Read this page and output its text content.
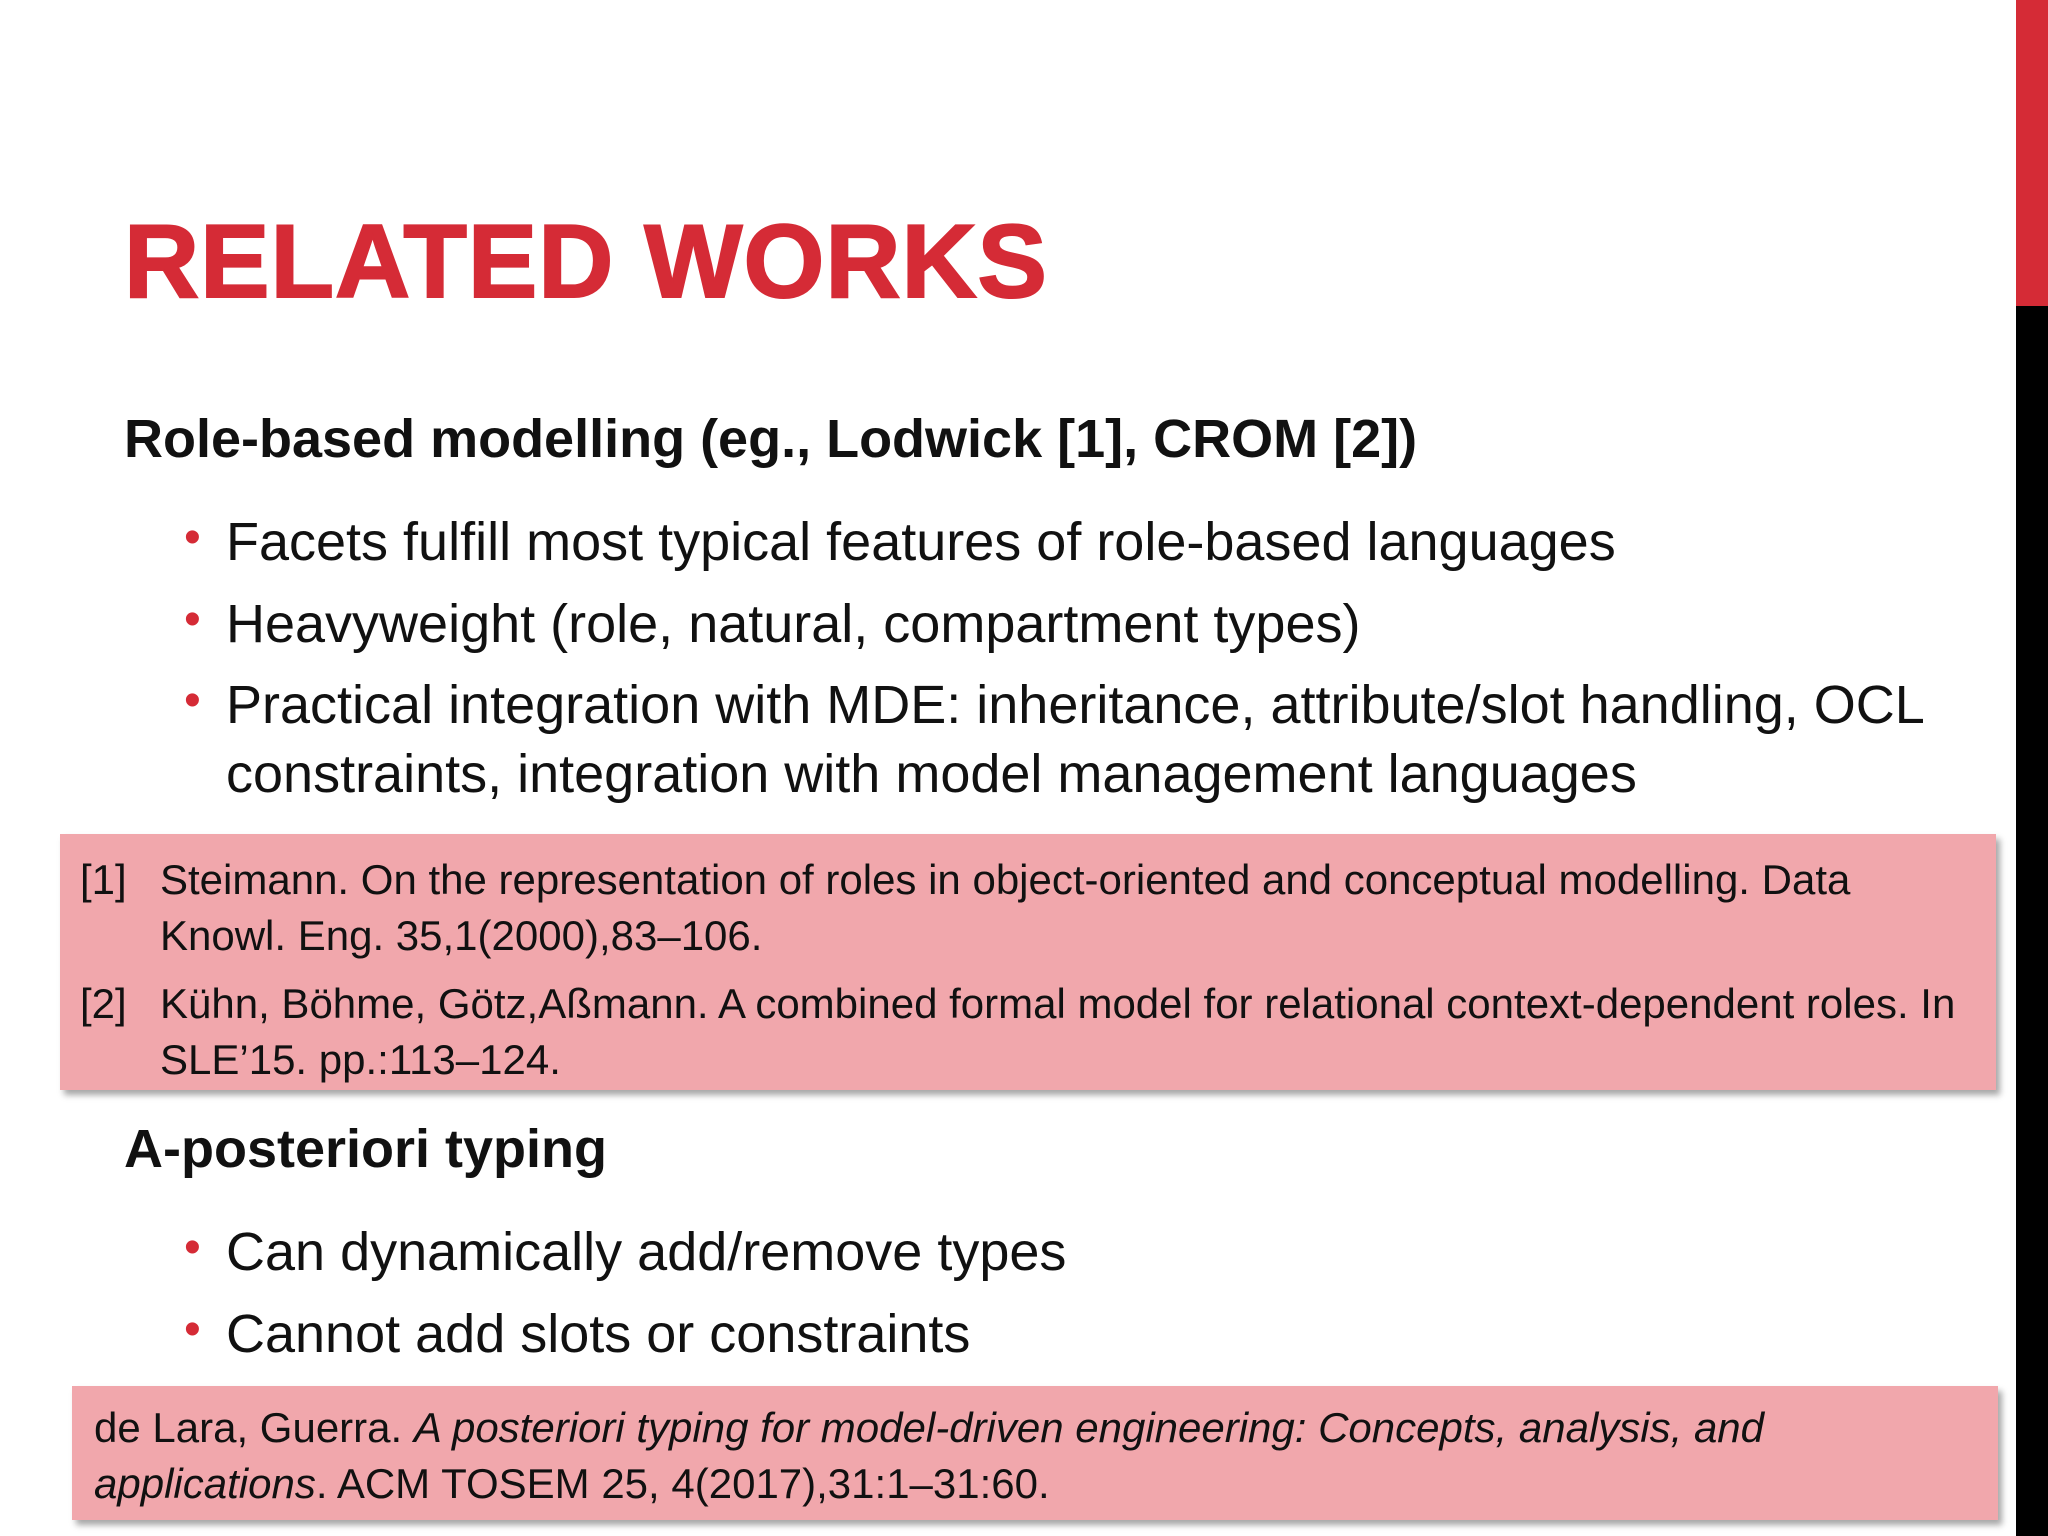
RELATED WORKS
Role-based modelling (eg., Lodwick [1], CROM [2])
• Facets fulfill most typical features of role-based languages
• Heavyweight (role, natural, compartment types)
• Practical integration with MDE: inheritance, attribute/slot handling, OCL constraints, integration with model management languages
[1] Steimann. On the representation of roles in object-oriented and conceptual modelling. Data Knowl. Eng. 35,1(2000),83–106.
[2] Kühn, Böhme, Götz,Aßmann. A combined formal model for relational context-dependent roles. In SLE’15. pp.:113–124.
A-posteriori typing
• Can dynamically add/remove types
• Cannot add slots or constraints
de Lara, Guerra. A posteriori typing for model-driven engineering: Concepts, analysis, and applications. ACM TOSEM 25, 4(2017),31:1–31:60.
